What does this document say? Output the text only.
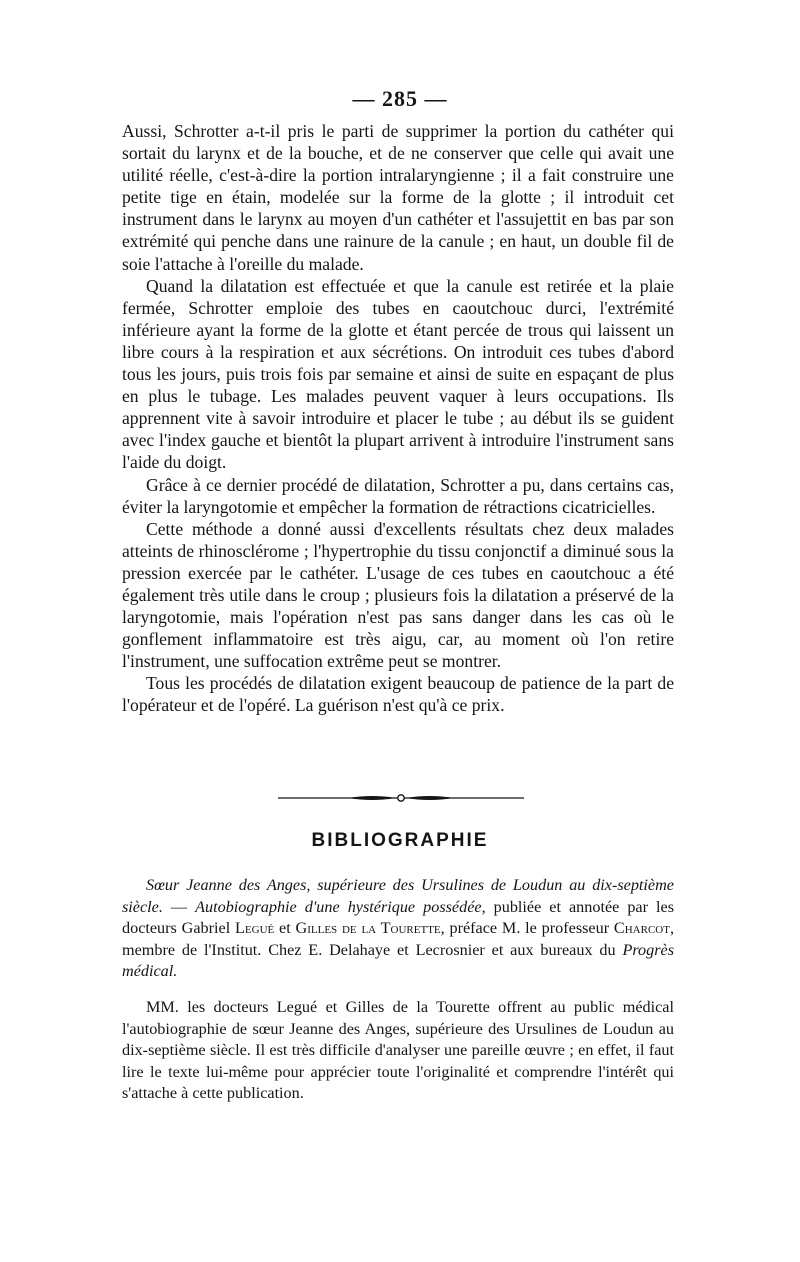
— 285 —

Aussi, Schrotter a-t-il pris le parti de supprimer la portion du cathéter qui sortait du larynx et de la bouche, et de ne conserver que celle qui avait une utilité réelle, c'est-à-dire la portion intralaryngienne ; il a fait construire une petite tige en étain, modelée sur la forme de la glotte ; il introduit cet instrument dans le larynx au moyen d'un cathéter et l'assujettit en bas par son extrémité qui penche dans une rainure de la canule ; en haut, un double fil de soie l'attache à l'oreille du malade.

Quand la dilatation est effectuée et que la canule est retirée et la plaie fermée, Schrotter emploie des tubes en caoutchouc durci, l'extrémité inférieure ayant la forme de la glotte et étant percée de trous qui laissent un libre cours à la respiration et aux sécrétions. On introduit ces tubes d'abord tous les jours, puis trois fois par semaine et ainsi de suite en espaçant de plus en plus le tubage. Les malades peuvent vaquer à leurs occupations. Ils apprennent vite à savoir introduire et placer le tube ; au début ils se guident avec l'index gauche et bientôt la plupart arrivent à introduire l'instrument sans l'aide du doigt.

Grâce à ce dernier procédé de dilatation, Schrotter a pu, dans certains cas, éviter la laryngotomie et empêcher la formation de rétractions cicatricielles.

Cette méthode a donné aussi d'excellents résultats chez deux malades atteints de rhinosclérome ; l'hypertrophie du tissu conjonctif a diminué sous la pression exercée par le cathéter. L'usage de ces tubes en caoutchouc a été également très utile dans le croup ; plusieurs fois la dilatation a préservé de la laryngotomie, mais l'opération n'est pas sans danger dans les cas où le gonflement inflammatoire est très aigu, car, au moment où l'on retire l'instrument, une suffocation extrême peut se montrer.

Tous les procédés de dilatation exigent beaucoup de patience de la part de l'opérateur et de l'opéré. La guérison n'est qu'à ce prix.

BIBLIOGRAPHIE

Sœur Jeanne des Anges, supérieure des Ursulines de Loudun au dix-septième siècle. — Autobiographie d'une hystérique possédée, publiée et annotée par les docteurs Gabriel Legué et Gilles de la Tourette, préface M. le professeur Charcot, membre de l'Institut. Chez E. Delahaye et Lecrosnier et aux bureaux du Progrès médical.

MM. les docteurs Legué et Gilles de la Tourette offrent au public médical l'autobiographie de sœur Jeanne des Anges, supérieure des Ursulines de Loudun au dix-septième siècle. Il est très difficile d'analyser une pareille œuvre ; en effet, il faut lire le texte lui-même pour apprécier toute l'originalité et comprendre l'intérêt qui s'attache à cette publication.
